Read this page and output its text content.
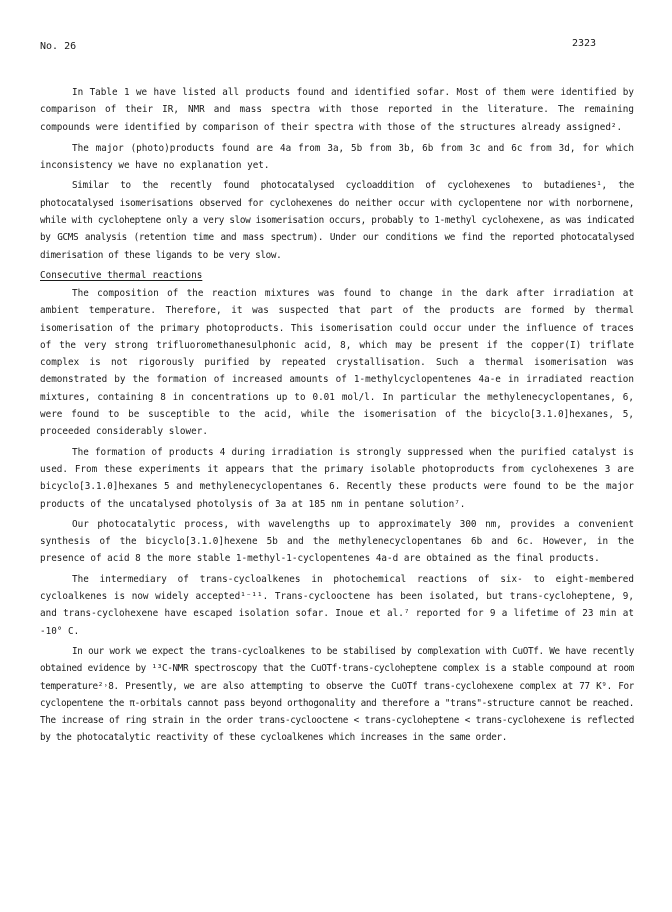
No. 26	2323

In Table 1 we have listed all products found and identified sofar. Most of them were identified by comparison of their IR, NMR and mass spectra with those reported in the literature. The remaining compounds were identified by comparison of their spectra with those of the structures already assigned².

The major (photo)products found are 4a from 3a, 5b from 3b, 6b from 3c and 6c from 3d, for which inconsistency we have no explanation yet.

Similar to the recently found photocatalysed cycloaddition of cyclohexenes to butadienes¹, the photocatalysed isomerisations observed for cyclohexenes do neither occur with cyclopentene nor with norbornene, while with cycloheptene only a very slow isomerisation occurs, probably to 1-methyl cyclohexene, as was indicated by GCMS analysis (retention time and mass spectrum). Under our conditions we find the reported photocatalysed dimerisation of these ligands to be very slow.

Consecutive thermal reactions

The composition of the reaction mixtures was found to change in the dark after irradiation at ambient temperature. Therefore, it was suspected that part of the products are formed by thermal isomerisation of the primary photoproducts. This isomerisation could occur under the influence of traces of the very strong trifluoromethanesulphonic acid, 8, which may be present if the copper(I) triflate complex is not rigorously purified by repeated crystallisation. Such a thermal isomerisation was demonstrated by the formation of increased amounts of 1-methylcyclopentenes 4a-e in irradiated reaction mixtures, containing 8 in concentrations up to 0.01 mol/l. In particular the methylenecyclopentanes, 6, were found to be susceptible to the acid, while the isomerisation of the bicyclo[3.1.0]hexanes, 5, proceeded considerably slower.

The formation of products 4 during irradiation is strongly suppressed when the purified catalyst is used. From these experiments it appears that the primary isolable photoproducts from cyclohexenes 3 are bicyclo[3.1.0]hexanes 5 and methylenecyclopentanes 6. Recently these products were found to be the major products of the uncatalysed photolysis of 3a at 185 nm in pentane solution⁷.

Our photocatalytic process, with wavelengths up to approximately 300 nm, provides a convenient synthesis of the bicyclo[3.1.0]hexene 5b and the methylenecyclopentanes 6b and 6c. However, in the presence of acid 8 the more stable 1-methyl-1-cyclopentenes 4a-d are obtained as the final products.

The intermediary of trans-cycloalkenes in photochemical reactions of six- to eight-membered cycloalkenes is now widely accepted¹⁻¹¹. Trans-cyclooctene has been isolated, but trans-cycloheptene, 9, and trans-cyclohexene have escaped isolation sofar. Inoue et al.⁷ reported for 9 a lifetime of 23 min at -10° C.

In our work we expect the trans-cycloalkenes to be stabilised by complexation with CuOTf. We have recently obtained evidence by ¹³C-NMR spectroscopy that the CuOTf·trans-cycloheptene complex is a stable compound at room temperature²˒8. Presently, we are also attempting to observe the CuOTf trans-cyclohexene complex at 77 K⁹. For cyclopentene the π-orbitals cannot pass beyond orthogonality and therefore a "trans"-structure cannot be reached. The increase of ring strain in the order trans-cyclooctene < trans-cycloheptene < trans-cyclohexene is reflected by the photocatalytic reactivity of these cycloalkenes which increases in the same order.
